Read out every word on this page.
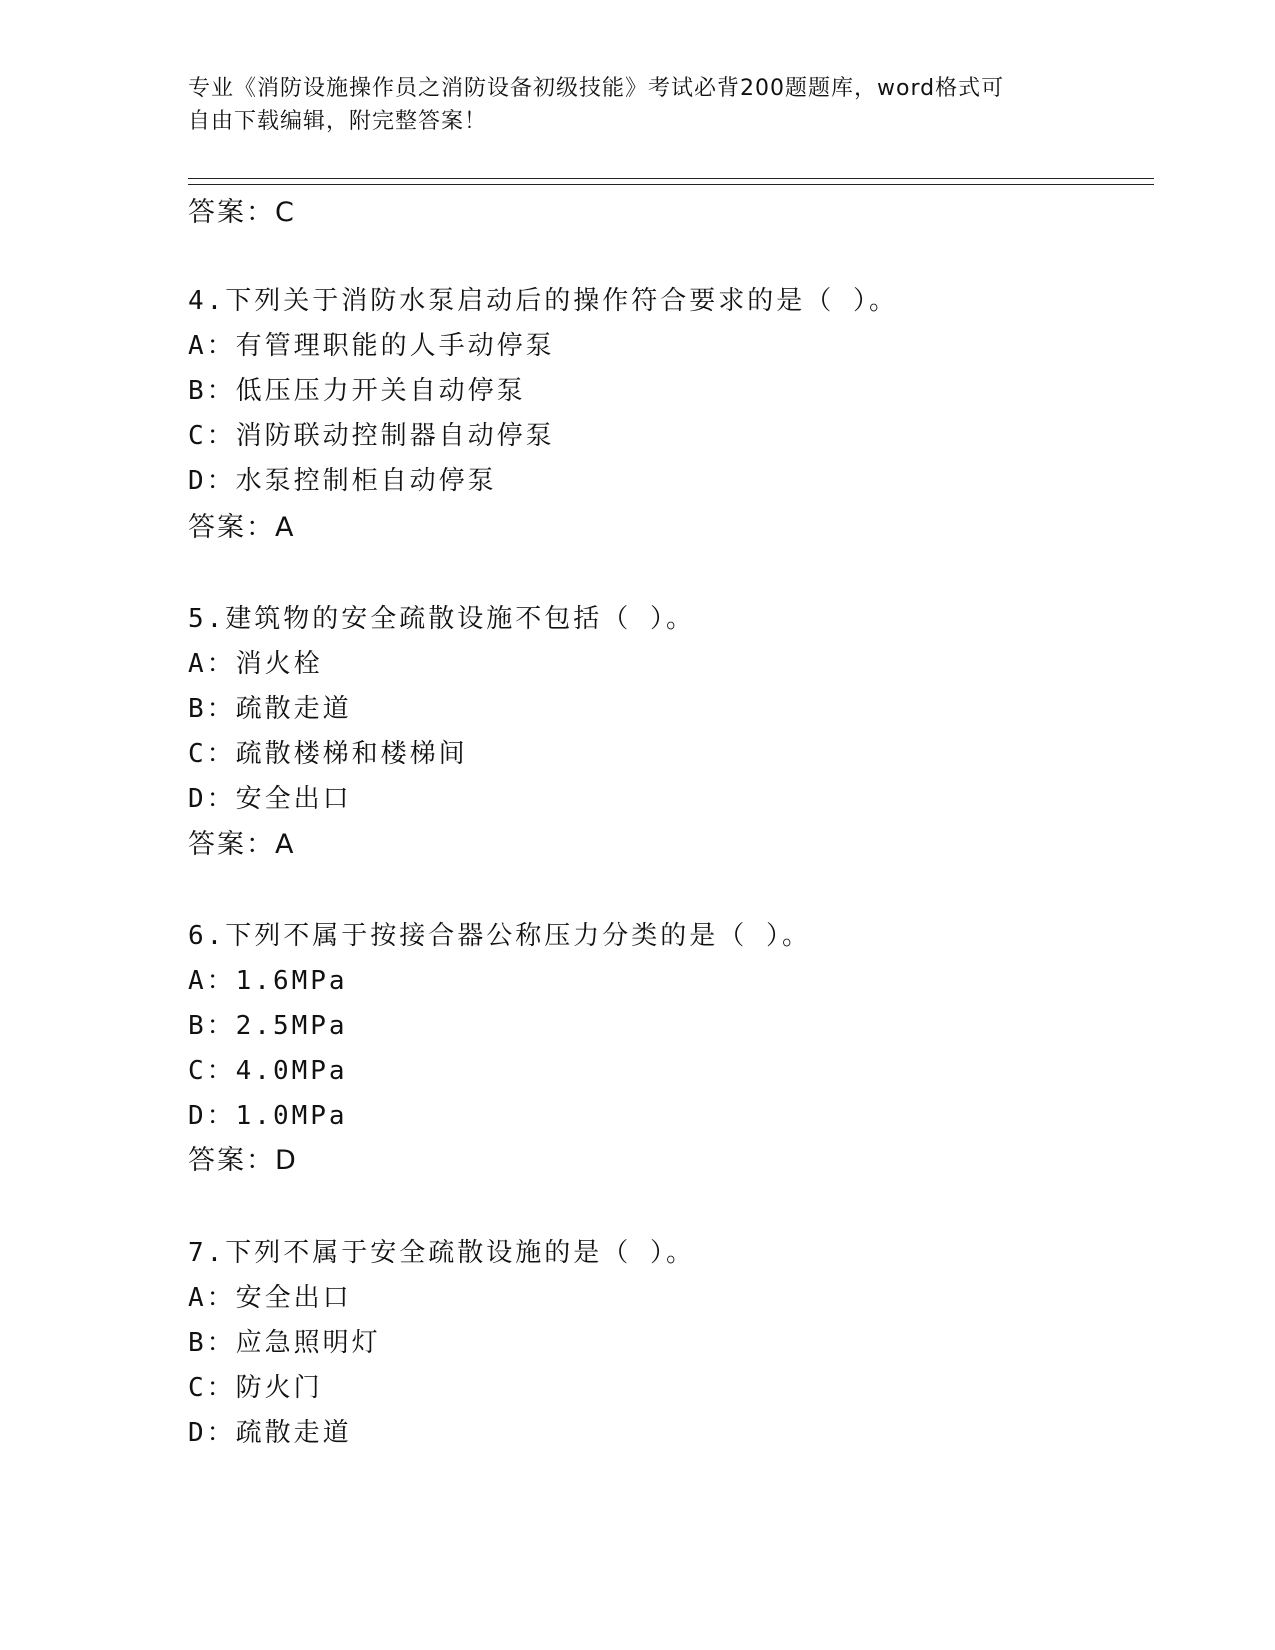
专业《消防设施操作员之消防设备初级技能》考试必背200题题库，word格式可
自由下载编辑，附完整答案！
答案：C
4.下列关于消防水泵启动后的操作符合要求的是（ ）。
A：有管理职能的人手动停泵
B：低压压力开关自动停泵
C：消防联动控制器自动停泵
D：水泵控制柜自动停泵
答案：A
5.建筑物的安全疏散设施不包括（ ）。
A：消火栓
B：疏散走道
C：疏散楼梯和楼梯间
D：安全出口
答案：A
6.下列不属于按接合器公称压力分类的是（ ）。
A：1.6MPa
B：2.5MPa
C：4.0MPa
D：1.0MPa
答案：D
7.下列不属于安全疏散设施的是（ ）。
A：安全出口
B：应急照明灯
C：防火门
D：疏散走道
